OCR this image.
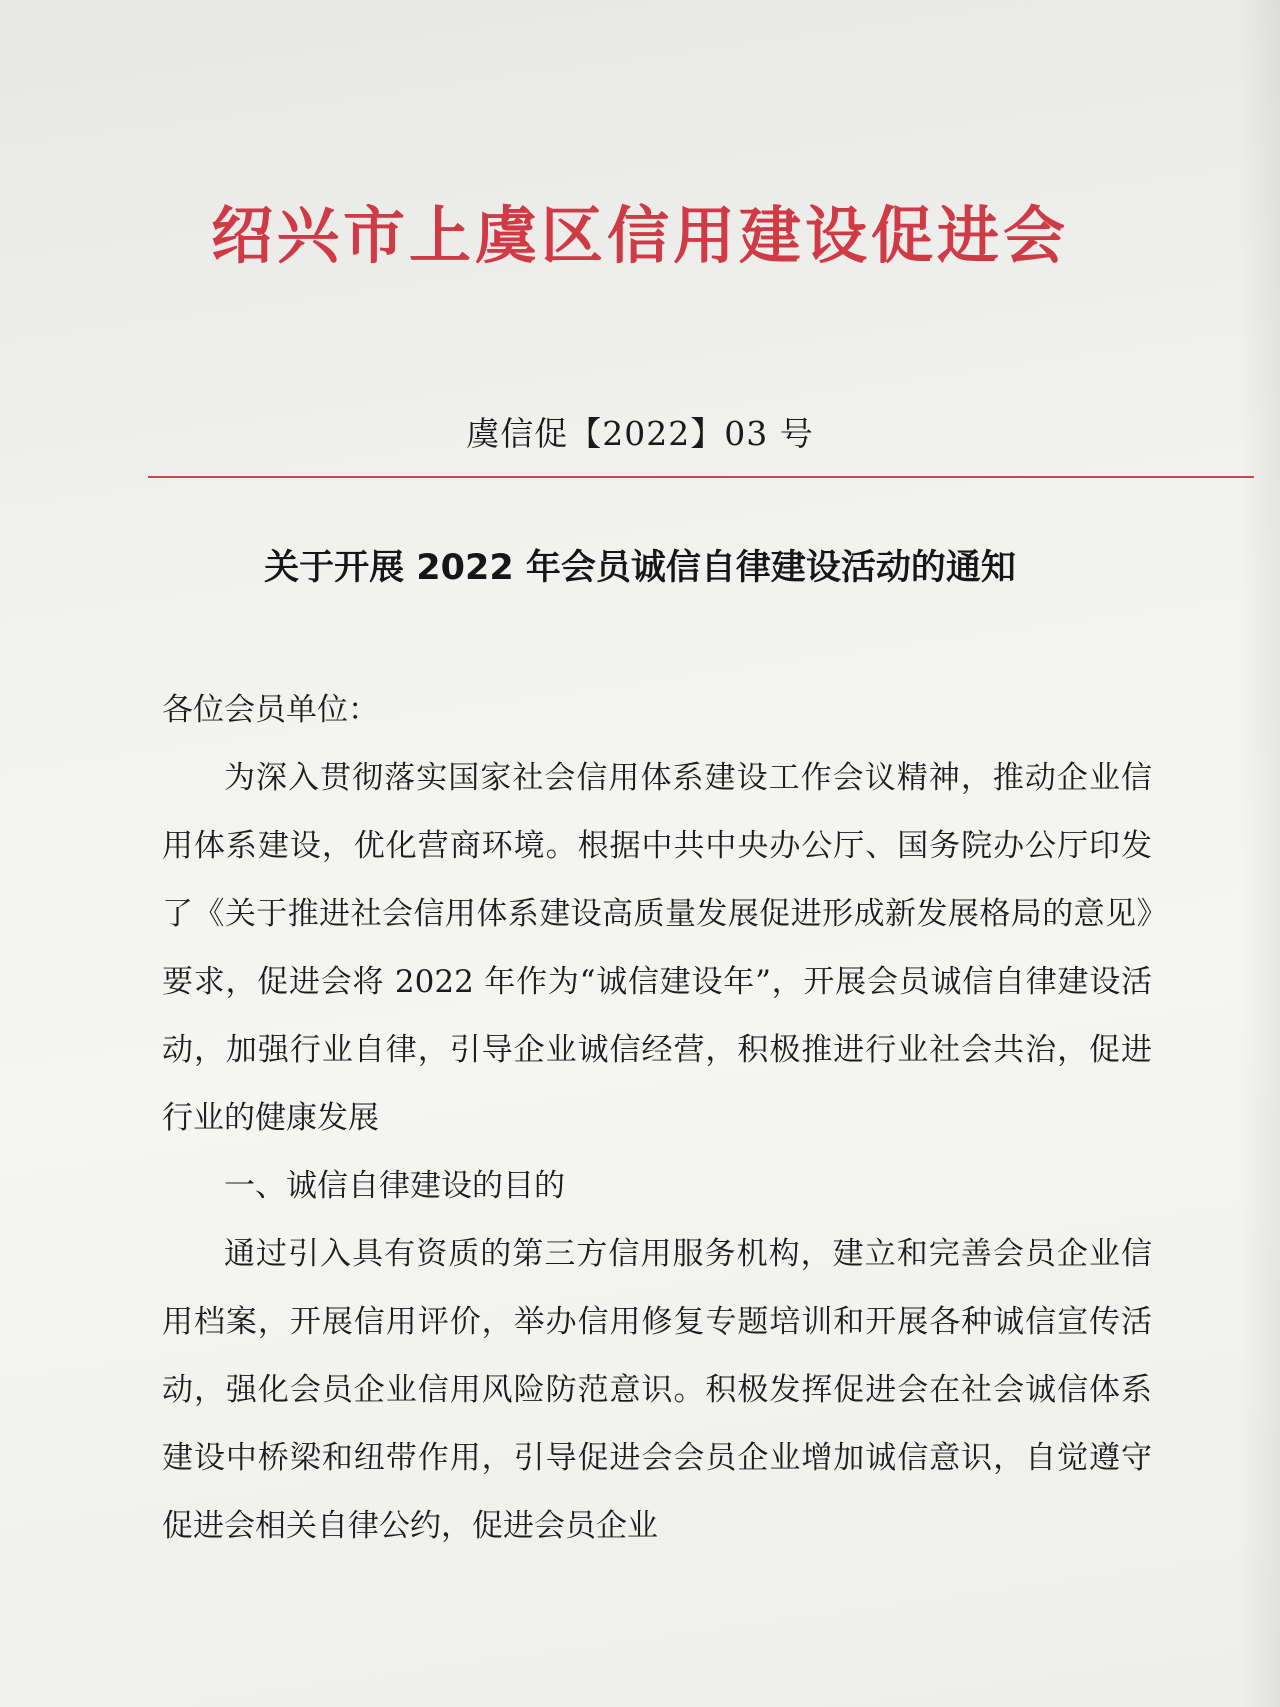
绍兴市上虞区信用建设促进会
虞信促【2022】03 号
关于开展 2022 年会员诚信自律建设活动的通知

各位会员单位：

为深入贯彻落实国家社会信用体系建设工作会议精神，推动企业信用体系建设，优化营商环境。根据中共中央办公厅、国务院办公厅印发了《关于推进社会信用体系建设高质量发展促进形成新发展格局的意见》要求，促进会将 2022 年作为“诚信建设年”，开展会员诚信自律建设活动，加强行业自律，引导企业诚信经营，积极推进行业社会共治，促进行业的健康发展

一、诚信自律建设的目的

通过引入具有资质的第三方信用服务机构，建立和完善会员企业信用档案，开展信用评价，举办信用修复专题培训和开展各种诚信宣传活动，强化会员企业信用风险防范意识。积极发挥促进会在社会诚信体系建设中桥梁和纽带作用，引导促进会会员企业增加诚信意识，自觉遵守促进会相关自律公约，促进会员企业
